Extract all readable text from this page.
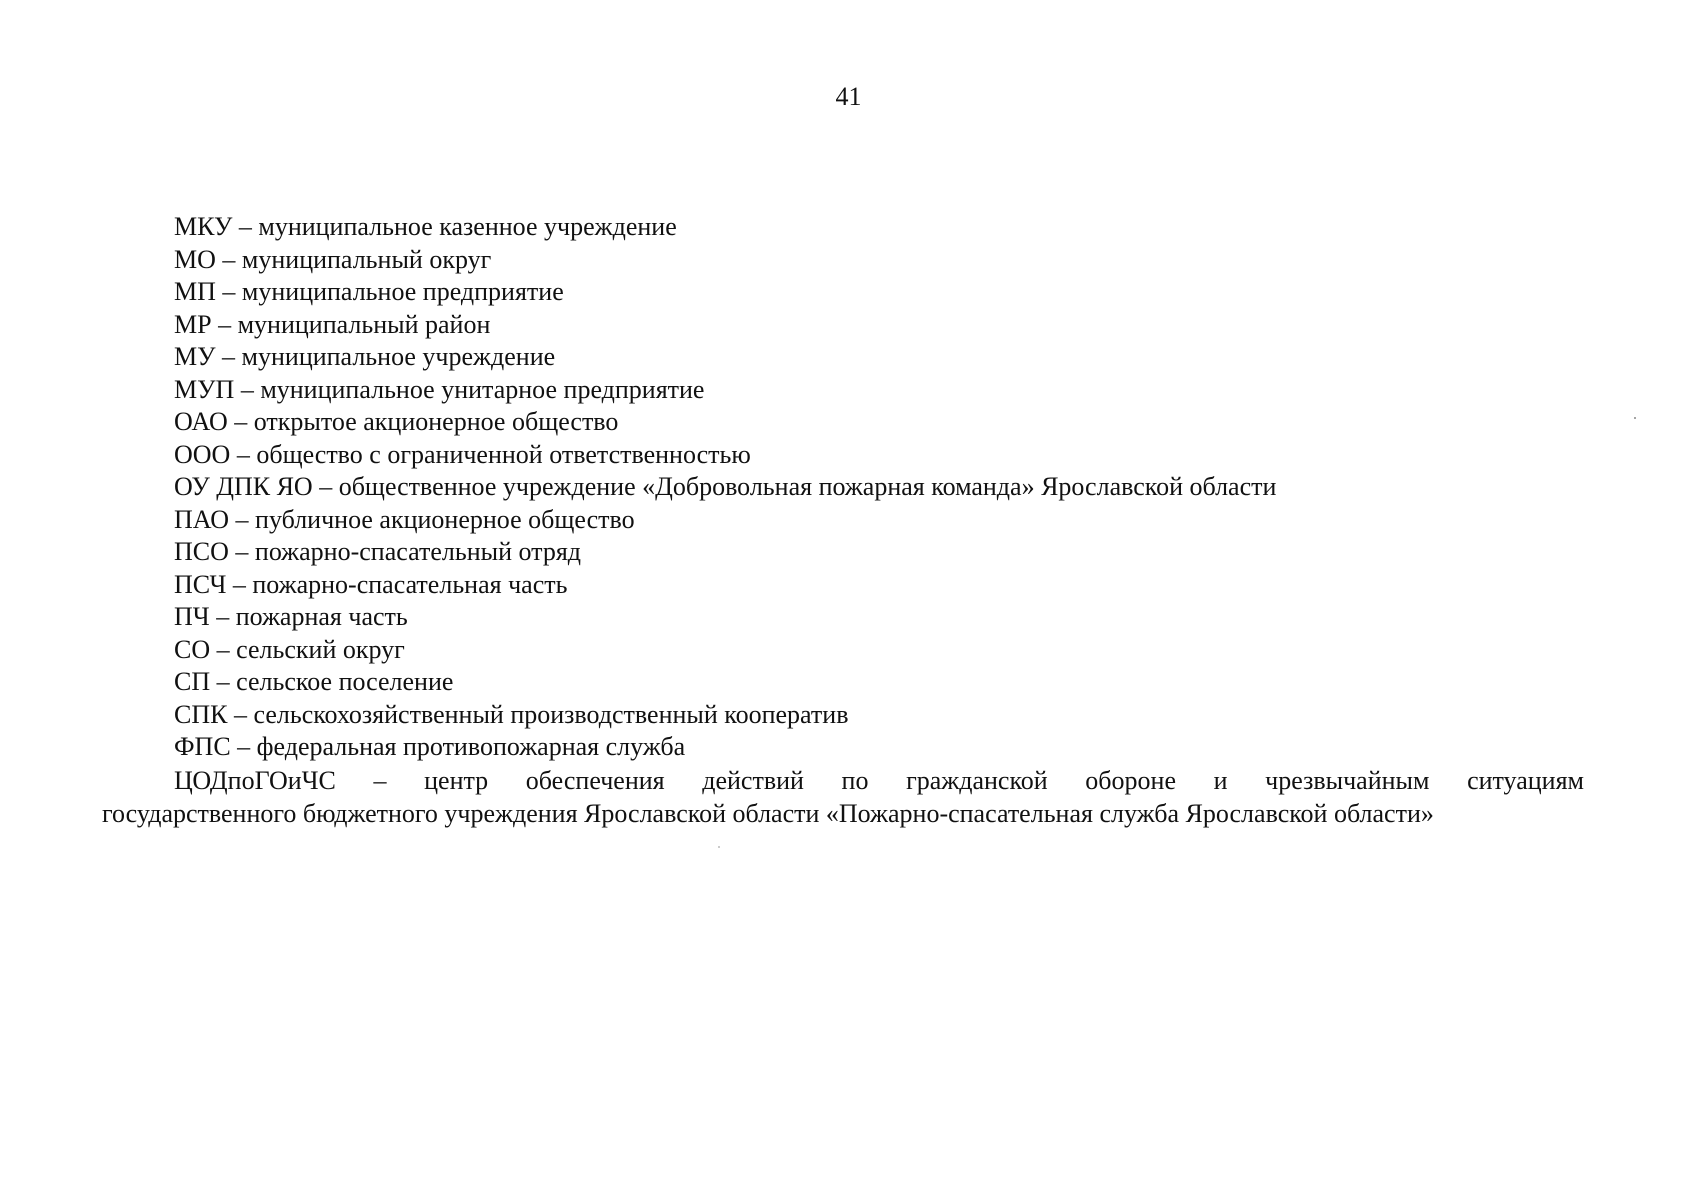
41
МКУ – муниципальное казенное учреждение
МО – муниципальный округ
МП – муниципальное предприятие
МР – муниципальный район
МУ – муниципальное учреждение
МУП – муниципальное унитарное предприятие
ОАО – открытое акционерное общество
ООО – общество с ограниченной ответственностью
ОУ ДПК ЯО – общественное учреждение «Добровольная пожарная команда» Ярославской области
ПАО – публичное акционерное общество
ПСО – пожарно-спасательный отряд
ПСЧ – пожарно-спасательная часть
ПЧ – пожарная часть
СО – сельский округ
СП – сельское поселение
СПК – сельскохозяйственный производственный кооператив
ФПС – федеральная противопожарная служба

ЦОДпоГОиЧС – центр обеспечения действий по гражданской обороне и чрезвычайным ситуациям
государственного бюджетного учреждения Ярославской области «Пожарно-спасательная служба Ярославской области»
